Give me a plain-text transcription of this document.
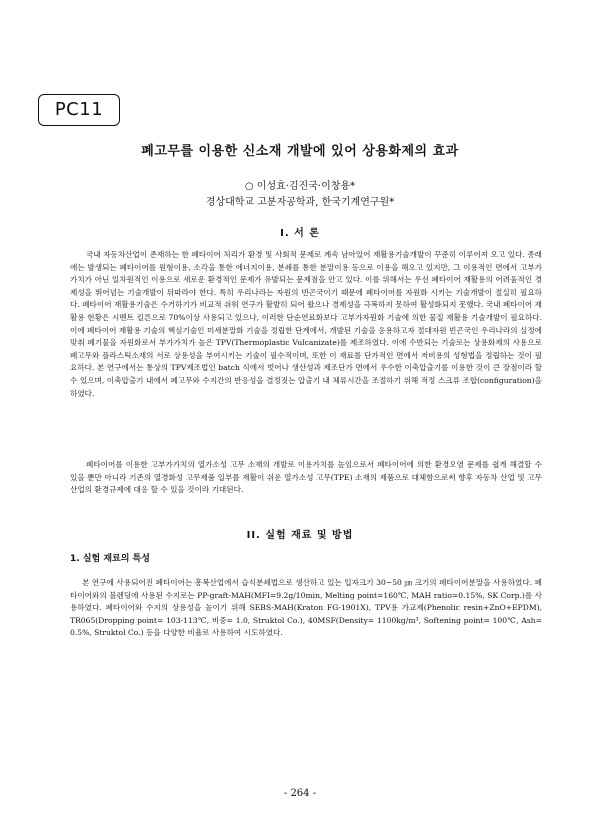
PC11
폐고무를 이용한 신소재 개발에 있어 상용화제의 효과
○ 이성효·김진국·이창용*
경상대학교 고분자공학과, 한국기계연구원*
I. 서 론

국내 자동차산업이 존재하는 한 폐타이어 처리가 환경 및 사회적 문제로 계속 남아있어 재활용기술개발이 꾸준히 이루어져 오고 있다. 종래에는 발생되는 폐타이어를 원형이용, 소각을 통한 에너지이용, 분쇄를 통한 분말이용 등으로 이용을 해오고 있지만, 그 이용적인 면에서 고부가가치가 아닌 일차원적인 이용으로 새로운 환경적인 문제가 유발되는 문제점을 안고 있다. 이를 위해서는 우선 폐타이어 재활용의 어려움적인 경제성을 뛰어넘는 기술개발이 뒤따라야 한다. 특히 우리나라는 자원의 빈곤국이기 때문에 폐타이어를 자원화 시키는 기술개발이 절실히 필요하다. 폐타이어 재활용기술은 수거하기가 비교적 쉬워 연구가 활발히 되어 왔으나 경제성을 극복하지 못하여 활성화되지 못했다. 국내 폐타이어 재활용 현황은 시멘트 킬른으로 70%이상 사용되고 있으나, 이러한 단순연료화보다 고부가자원화 기술에 의한 물질 재활용 기술개발이 필요하다. 이에 폐타이어 재활용 기술의 핵심기술인 미세분말화 기술을 정립한 단계에서, 개발된 기술을 응용하고자 절대자원 빈곤국인 우리나라의 실정에 맞춰 폐기물을 자원화로서 부가가치가 높은 TPV(Thermoplastic Vulcanizate)를 제조하였다. 이에 수반되는 기술로는 상용화제의 사용으로 폐고무와 플라스틱소재의 서로 상용성을 부여시키는 기술이 필수적이며, 또한 이 재료를 단가적인 면에서 저비용의 성형법을 정립하는 것이 필요하다. 본 연구에서는 통상의 TPV제조법인 batch 식에서 벗어나 생산성과 제조단가 면에서 우수한 이축압출기를 이용한 것이 큰 장점이라 할 수 있으며, 이축압출기 내에서 폐고무와 수지간의 반응성을 결정짓는 압출기 내 체류시간을 조절하기 위해 적정 스크류 조합(configuration)을 하였다.

폐타이어를 이용한 고부가가치의 열가소성 고무 소재의 개발로 이용가치를 높임으로서 폐타이어에 의한 환경오염 문제를 쉽게 해결할 수 있을 뿐만 아니라 기존의 열경화성 고무제품 일부를 재활이 쉬운 열가소성 고무(TPE) 소재의 제품으로 대체함으로써 향후 자동차 산업 및 고무산업의 환경규제에 대응 할 수 있을 것이라 기대된다.

II. 실험 재료 및 방법
1. 실험 재료의 특성

본 연구에 사용되어진 폐타이어는 흥복산업에서 습식분쇄법으로 생산하고 있는 입자크기 30~50 ㎛ 크기의 폐타이어분말을 사용하였다. 폐타이어와의 블렌딩에 사용된 수지로는 PP-graft-MAH(MFI=9.2g/10min, Melting point=160℃, MAH ratio=0.15%, SK Corp.)를 사용하였다. 폐타이어와 수지의 상용성을 높이기 위해 SEBS-MAH(Kraton FG-1901X), TPV용 가교제(Phenolic resin+ZnO+EPDM), TR065(Dropping point= 103-113℃, 비중= 1.0, Struktol Co.), 40MSF(Density= 1100kg/m³, Softening point= 100℃, Ash= 0.5%, Struktol Co.) 등을 다양한 비율로 사용하여 시도하였다.

- 264 -
